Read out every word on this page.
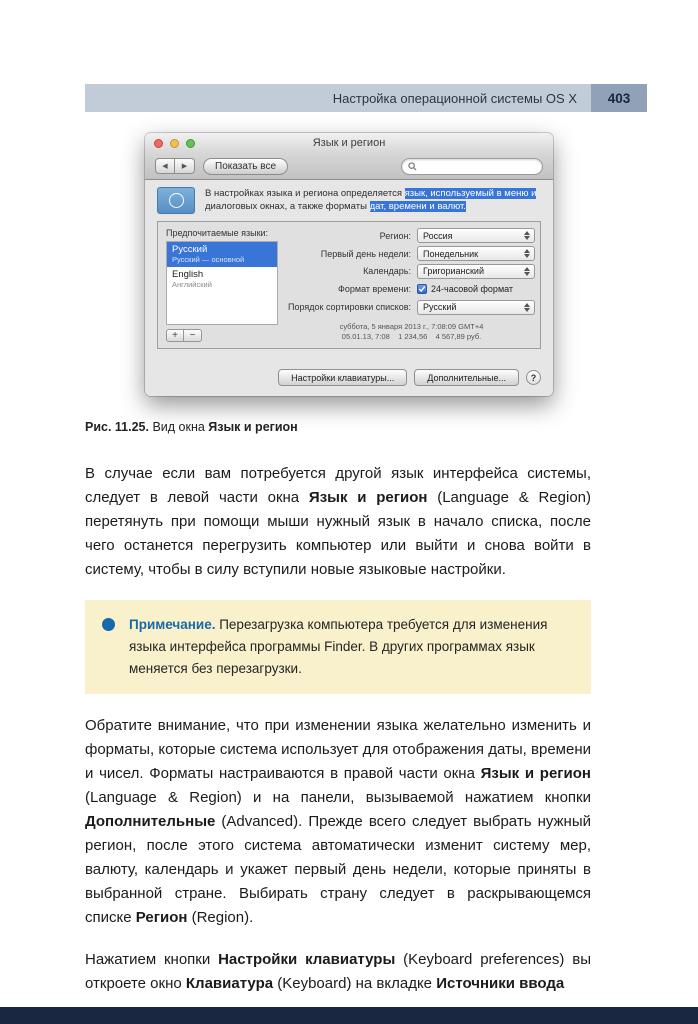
Настройка операционной системы OS X 403
Язык и регион
◀	▶	Показать все

В настройках языка и региона определяется язык, используемый в меню и диалоговых окнах, а также форматы дат, времени и валют.

Предпочитаемые языки:
Русский
Русский — основной
English
Английский
+	−
Регион:	Россия
Первый день недели:	Понедельник
Календарь:	Григорианский
Формат времени: 24-часовой формат
Порядок сортировки списков:	Русский
суббота, 5 января 2013 г., 7:08:09 GMT+4
05.01.13, 7:08    1 234,56    4 567,89 руб.
Настройки клавиатуры...	Дополнительные...	?

Рис. 11.25. Вид окна Язык и регион

В случае если вам потребуется другой язык интерфейса системы, следует в левой части окна Язык и регион (Language & Region) перетянуть при помощи мыши нужный язык в начало списка, после чего останется перегрузить компьютер или выйти и снова войти в систему, чтобы в силу вступили новые языковые настройки.

Примечание. Перезагрузка компьютера требуется для изменения языка интерфейса программы Finder. В других программах язык меняется без перезагрузки.

Обратите внимание, что при изменении языка желательно изменить и форматы, которые система использует для отображения даты, времени и чисел. Форматы настраиваются в правой части окна Язык и регион (Language & Region) и на панели, вызываемой нажатием кнопки Дополнительные (Advanced). Прежде всего следует выбрать нужный регион, после этого система автоматически изменит систему мер, валюту, календарь и укажет первый день недели, которые приняты в выбранной стране. Выбирать страну следует в раскрывающемся списке Регион (Region).

Нажатием кнопки Настройки клавиатуры (Keyboard preferences) вы откроете окно Клавиатура (Keyboard) на вкладке Источники ввода
